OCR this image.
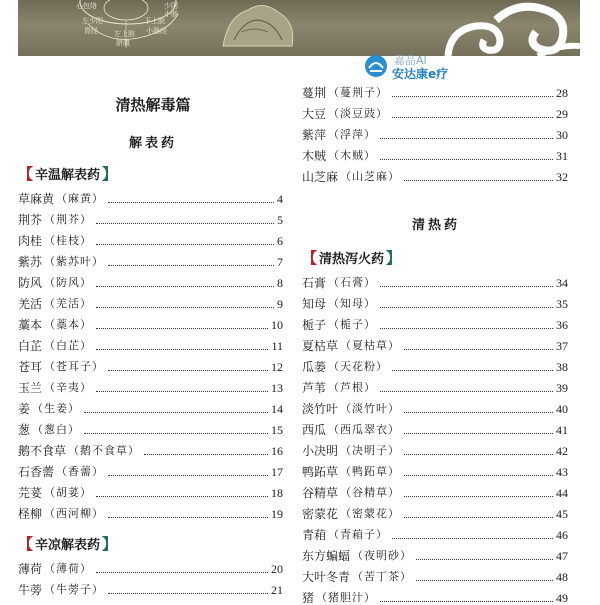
心包络
左少阳
胃经 左上脘
脐腹
下上脘
小肠经
少阳
小肠
嘉品AI
安达康e疗
清热解毒篇
解表药
【 辛温解表药 】
草麻黄 （麻黄）	4
荆芥 （荆芥）	5
肉桂 （桂枝）	6
紫苏 （紫苏叶）	7
防风 （防风）	8
羌活 （羌活）	9
藁本 （藁本）	10
白芷 （白芷）	11
苍耳 （苍耳子）	12
玉兰 （辛夷）	13
姜 （生姜）	14
葱 （葱白）	15
鹅不食草 （鹅不食草）	16
石香薷 （香薷）	17
芫荽 （胡荽）	18
柽柳 （西河柳）	19
【 辛凉解表药 】
薄荷 （薄荷）	20
牛蒡 （牛蒡子）	21
蔓荆 （蔓荆子）	28
大豆 （淡豆豉）	29
紫萍 （浮萍）	30
木贼 （木贼）	31
山芝麻 （山芝麻）	32
清热药
【 清热泻火药 】
石膏 （石膏）	34
知母 （知母）	35
栀子 （栀子）	36
夏枯草 （夏枯草）	37
瓜蒌 （天花粉）	38
芦苇 （芦根）	39
淡竹叶 （淡竹叶）	40
西瓜 （西瓜翠衣）	41
小决明 （决明子）	42
鸭跖草 （鸭跖草）	43
谷精草 （谷精草）	44
密蒙花 （密蒙花）	45
青葙 （青葙子）	46
东方蝙蝠 （夜明砂）	47
大叶冬青 （苦丁茶）	48
猪 （猪胆汁）	49
